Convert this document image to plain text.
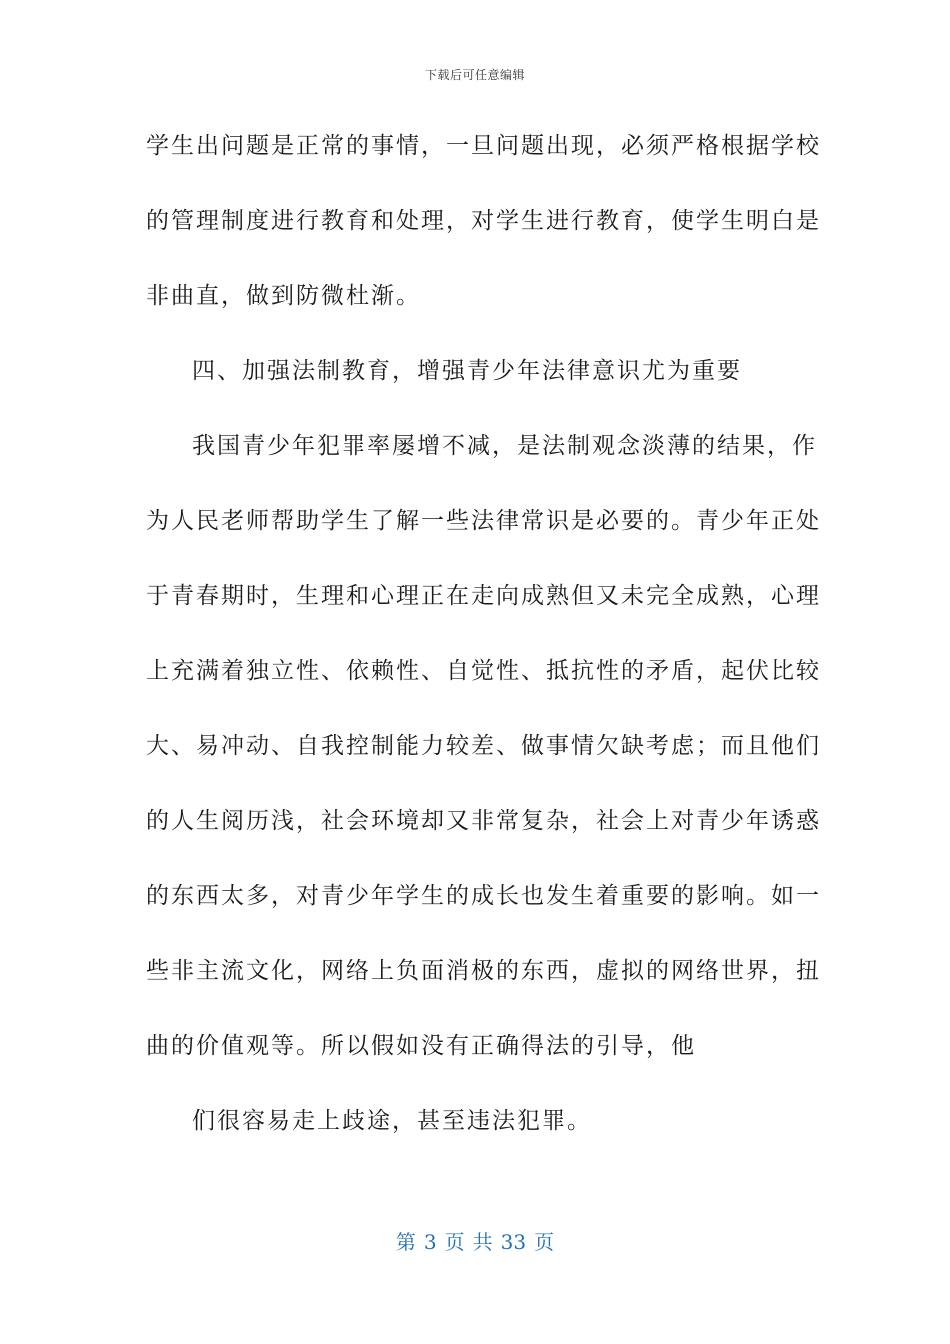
下载后可任意编辑
学生出问题是正常的事情，一旦问题出现，必须严格根据学校
的管理制度进行教育和处理，对学生进行教育，使学生明白是
非曲直，做到防微杜渐。
四、加强法制教育，增强青少年法律意识尤为重要
我国青少年犯罪率屡增不减，是法制观念淡薄的结果，作
为人民老师帮助学生了解一些法律常识是必要的。青少年正处
于青春期时，生理和心理正在走向成熟但又未完全成熟，心理
上充满着独立性、依赖性、自觉性、抵抗性的矛盾，起伏比较
大、易冲动、自我控制能力较差、做事情欠缺考虑；而且他们
的人生阅历浅，社会环境却又非常复杂，社会上对青少年诱惑
的东西太多，对青少年学生的成长也发生着重要的影响。如一
些非主流文化，网络上负面消极的东西，虚拟的网络世界，扭
曲的价值观等。所以假如没有正确得法的引导，他
们很容易走上歧途，甚至违法犯罪。
第 3 页 共 33 页
